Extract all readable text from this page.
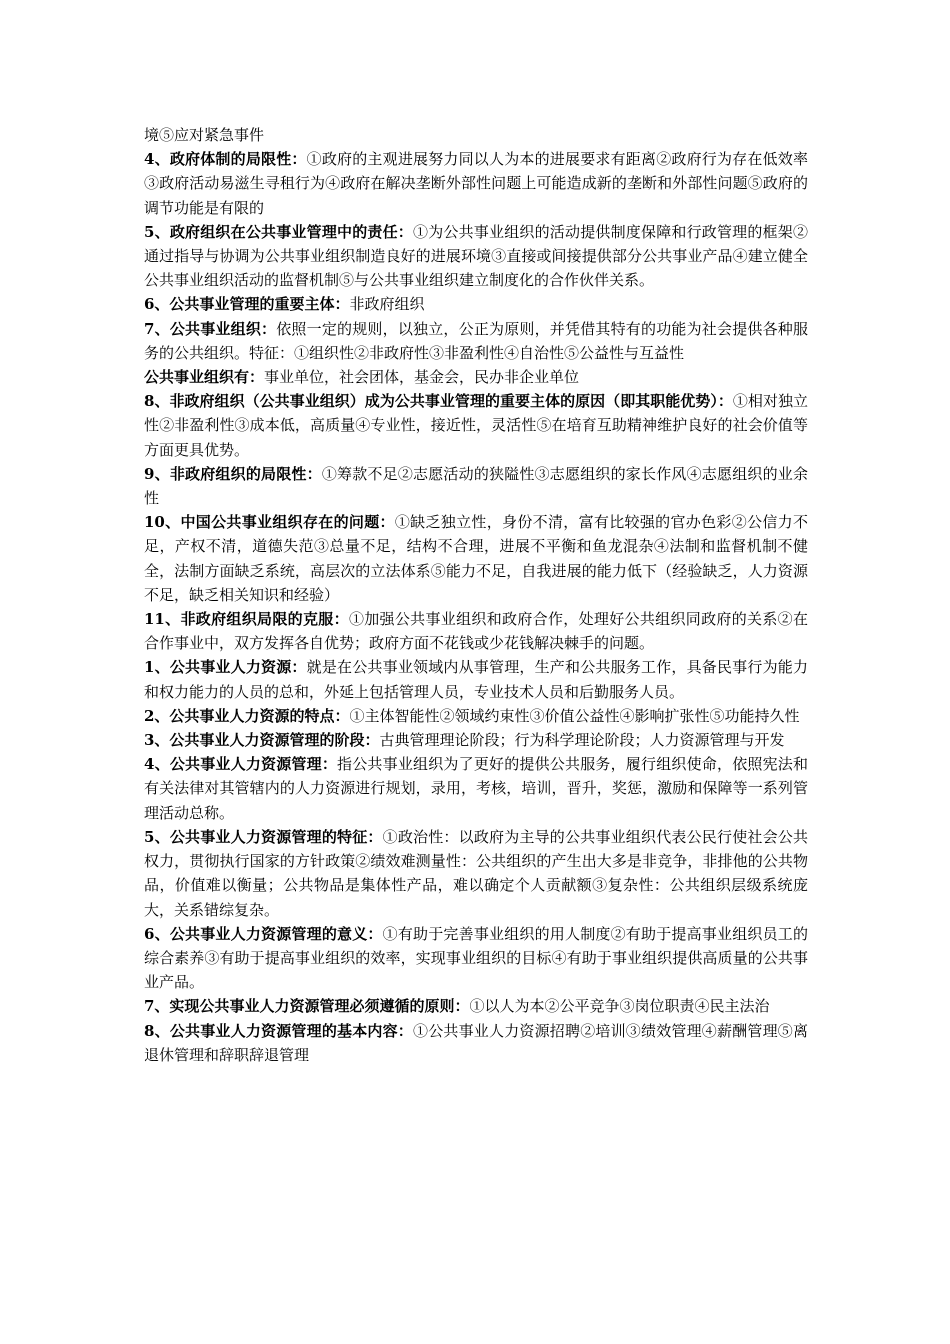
境⑤应对紧急事件

4、政府体制的局限性：①政府的主观进展努力同以人为本的进展要求有距离②政府行为存在低效率③政府活动易滋生寻租行为④政府在解决垄断外部性问题上可能造成新的垄断和外部性问题⑤政府的调节功能是有限的

5、政府组织在公共事业管理中的责任：①为公共事业组织的活动提供制度保障和行政管理的框架②通过指导与协调为公共事业组织制造良好的进展环境③直接或间接提供部分公共事业产品④建立健全公共事业组织活动的监督机制⑤与公共事业组织建立制度化的合作伙伴关系。

6、公共事业管理的重要主体：非政府组织

7、公共事业组织：依照一定的规则，以独立，公正为原则，并凭借其特有的功能为社会提供各种服务的公共组织。特征：①组织性②非政府性③非盈利性④自治性⑤公益性与互益性

公共事业组织有：事业单位，社会团体，基金会，民办非企业单位

8、非政府组织（公共事业组织）成为公共事业管理的重要主体的原因（即其职能优势）：①相对独立性②非盈利性③成本低，高质量④专业性，接近性，灵活性⑤在培育互助精神维护良好的社会价值等方面更具优势。

9、非政府组织的局限性：①筹款不足②志愿活动的狭隘性③志愿组织的家长作风④志愿组织的业余性

10、中国公共事业组织存在的问题：①缺乏独立性，身份不清，富有比较强的官办色彩②公信力不足，产权不清，道德失范③总量不足，结构不合理，进展不平衡和鱼龙混杂④法制和监督机制不健全，法制方面缺乏系统，高层次的立法体系⑤能力不足，自我进展的能力低下（经验缺乏，人力资源不足，缺乏相关知识和经验）

11、非政府组织局限的克服：①加强公共事业组织和政府合作，处理好公共组织同政府的关系②在合作事业中，双方发挥各自优势；政府方面不花钱或少花钱解决棘手的问题。

1、公共事业人力资源：就是在公共事业领域内从事管理，生产和公共服务工作，具备民事行为能力和权力能力的人员的总和，外延上包括管理人员，专业技术人员和后勤服务人员。

2、公共事业人力资源的特点：①主体智能性②领域约束性③价值公益性④影响扩张性⑤功能持久性

3、公共事业人力资源管理的阶段：古典管理理论阶段；行为科学理论阶段；人力资源管理与开发

4、公共事业人力资源管理：指公共事业组织为了更好的提供公共服务，履行组织使命，依照宪法和有关法律对其管辖内的人力资源进行规划，录用，考核，培训，晋升，奖惩，激励和保障等一系列管理活动总称。

5、公共事业人力资源管理的特征：①政治性：以政府为主导的公共事业组织代表公民行使社会公共权力，贯彻执行国家的方针政策②绩效难测量性：公共组织的产生出大多是非竞争，非排他的公共物品，价值难以衡量；公共物品是集体性产品，难以确定个人贡献额③复杂性：公共组织层级系统庞大，关系错综复杂。

6、公共事业人力资源管理的意义：①有助于完善事业组织的用人制度②有助于提高事业组织员工的综合素养③有助于提高事业组织的效率，实现事业组织的目标④有助于事业组织提供高质量的公共事业产品。

7、实现公共事业人力资源管理必须遵循的原则：①以人为本②公平竞争③岗位职责④民主法治

8、公共事业人力资源管理的基本内容：①公共事业人力资源招聘②培训③绩效管理④薪酬管理⑤离退休管理和辞职辞退管理
